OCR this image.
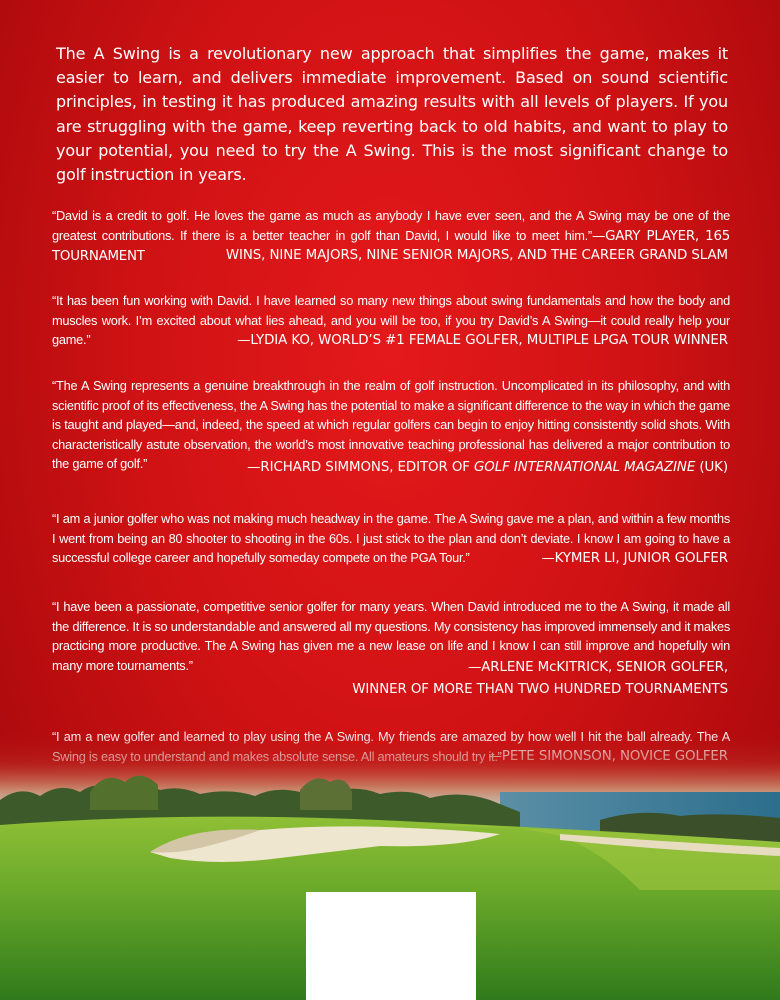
The A Swing is a revolutionary new approach that simplifies the game, makes it easier to learn, and delivers immediate improvement. Based on sound scientific principles, in testing it has produced amazing results with all levels of players. If you are struggling with the game, keep reverting back to old habits, and want to play to your potential, you need to try the A Swing. This is the most significant change to golf instruction in years.
“David is a credit to golf. He loves the game as much as anybody I have ever seen, and the A Swing may be one of the greatest contributions. If there is a better teacher in golf than David, I would like to meet him.”—GARY PLAYER, 165 TOURNAMENT	WINS, NINE MAJORS, NINE SENIOR MAJORS, AND THE CAREER GRAND SLAM
“It has been fun working with David. I have learned so many new things about swing fundamentals and how the body and muscles work. I’m excited about what lies ahead, and you will be too, if you try David’s A Swing—it could really help your game.”	—LYDIA KO, WORLD’S #1 FEMALE GOLFER, MULTIPLE LPGA TOUR WINNER
“The A Swing represents a genuine breakthrough in the realm of golf instruction. Uncomplicated in its philosophy, and with scientific proof of its effectiveness, the A Swing has the potential to make a significant difference to the way in which the game is taught and played—and, indeed, the speed at which regular golfers can begin to enjoy hitting consistently solid shots. With characteristically astute observation, the world’s most innovative teaching professional has delivered a major contribution to the game of golf.”	—RICHARD SIMMONS, EDITOR OF GOLF INTERNATIONAL MAGAZINE (UK)
“I am a junior golfer who was not making much headway in the game. The A Swing gave me a plan, and within a few months I went from being an 80 shooter to shooting in the 60s. I just stick to the plan and don’t deviate. I know I am going to have a successful college career and hopefully someday compete on the PGA Tour.”	—KYMER LI, JUNIOR GOLFER
“I have been a passionate, competitive senior golfer for many years. When David introduced me to the A Swing, it made all the difference. It is so understandable and answered all my questions. My consistency has improved immensely and it makes practicing more productive. The A Swing has given me a new lease on life and I know I can still improve and hopefully win many more tournaments.”	—ARLENE McKITRICK, SENIOR GOLFER,
WINNER OF MORE THAN TWO HUNDRED TOURNAMENTS
